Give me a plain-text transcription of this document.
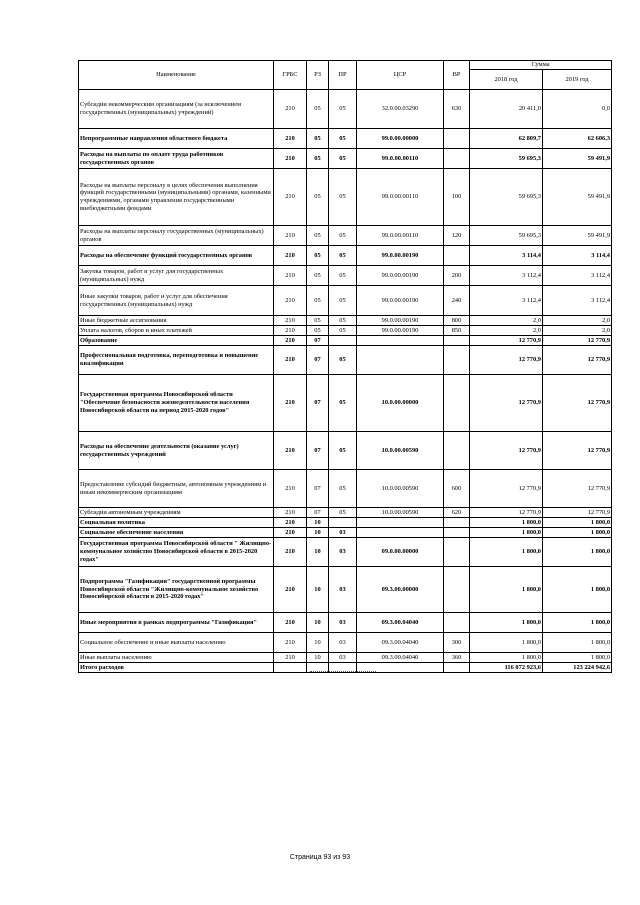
Наименование	ГРБС	РЗ	ПР	ЦСР	ВР	Сумма	
						2018 год	2019 год
Субсидии некоммерческим организациям (за исключением государственных (муниципальных) учреждений)	210	05	05	32.0.00.03290	630	20 411,0	0,0
Непрограммные направления областного бюджета	210	05	05	99.0.00.00000		62 809,7	62 606,3
Расходы на выплаты по оплате труда работников государственных органов	210	05	05	99.0.00.00110		59 695,3	59 491,9
Расходы на выплаты персоналу в целях обеспечения выполнения функций государственными (муниципальными) органами, казенными учреждениями, органами управления государственными внебюджетными фондами	210	05	05	99.0.00.00110	100	59 695,3	59 491,9
Расходы на выплаты персоналу государственных (муниципальных) органов	210	05	05	99.0.00.00110	120	59 695,3	59 491,9
Расходы на обеспечение функций государственных органов	210	05	05	99.0.00.00190		3 114,4	3 114,4
Закупка товаров, работ и услуг для государственных (муниципальных) нужд	210	05	05	99.0.00.00190	200	3 112,4	3 112,4
Иные закупки товаров, работ и услуг для обеспечения государственных (муниципальных) нужд	210	05	05	99.0.00.00190	240	3 112,4	3 112,4
Иные бюджетные ассигнования	210	05	05	99.0.00.00190	800	2,0	2,0
Уплата налогов, сборов и иных платежей	210	05	05	99.0.00.00190	850	2,0	2,0
Образование	210	07				12 770,9	12 770,9
Профессиональная подготовка, переподготовка и повышение квалификации	210	07	05			12 770,9	12 770,9
Государственная программа Новосибирской области "Обеспечение безопасности жизнедеятельности населения Новосибирской области на период 2015-2020 годов"	210	07	05	10.0.00.00000		12 770,9	12 770,9
Расходы на обеспечение деятельности (оказание услуг) государственных учреждений	210	07	05	10.0.00.00590		12 770,9	12 770,9
Предоставление субсидий бюджетным, автономным учреждениям и иным некоммерческим организациям	210	07	05	10.0.00.00590	600	12 770,9	12 770,9
Субсидии автономным учреждениям	210	07	05	10.0.00.00590	620	12 770,9	12 770,9
Социальная политика	210	10				1 800,0	1 800,0
Социальное обеспечение населения	210	10	03			1 800,0	1 800,0
Государственная программа Новосибирской области " Жилищно-коммунальное хозяйство Новосибирской области в 2015-2020 годах"	210	10	03	09.0.00.00000		1 800,0	1 800,0
Подпрограмма "Газификация" государственной программы Новосибирской области "Жилищно-коммунальное хозяйство Новосибирской области в 2015-2020 годах"	210	10	03	09.3.00.00000		1 800,0	1 800,0
Иные мероприятия в рамках подпрограммы "Газификация"	210	10	03	09.3.00.04040		1 800,0	1 800,0
Социальное обеспечение и иные выплаты населению	210	10	03	09.3.00.04040	300	1 800,0	1 800,0
Иные выплаты населению	210	10	03	09.3.00.04040	360	1 800,0	1 800,0
Итого расходов						116 872 923,6	123 224 942,6
Страница 93 из 93
